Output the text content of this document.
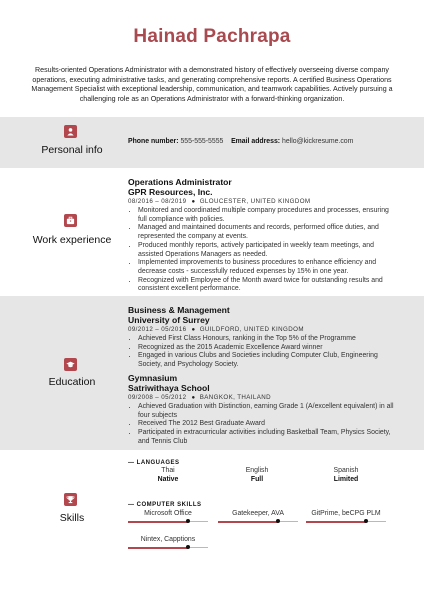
Hainad Pachrapa
Results-oriented Operations Administrator with a demonstrated history of effectively overseeing diverse company operations, executing administrative tasks, and generating comprehensive reports. A certified Business Operations Management Specialist with exceptional leadership, communication, and teamwork capabilities. Actively pursuing a challenging role as an Operations Administrator with a forward-thinking organization.
Personal info
Phone number: 555-555-5555 Email address: hello@kickresume.com
Work experience
Operations Administrator
GPR Resources, Inc.
08/2016 – 08/2019 ● GLOUCESTER, UNITED KINGDOM
• Monitored and coordinated multiple company procedures and processes, ensuring full compliance with policies.
• Managed and maintained documents and records, performed office duties, and represented the company at events.
• Produced monthly reports, actively participated in weekly team meetings, and assisted Operations Managers as needed.
• Implemented improvements to business procedures to enhance efficiency and decrease costs - successfully reduced expenses by 15% in one year.
• Recognized with Employee of the Month award twice for outstanding results and consistent excellent performance.
Education
Business & Management
University of Surrey
09/2012 – 05/2016 ● GUILDFORD, UNITED KINGDOM
• Achieved First Class Honours, ranking in the Top 5% of the Programme
• Recognized as the 2015 Academic Excellence Award winner
• Engaged in various Clubs and Societies including Computer Club, Engineering Society, and Psychology Society.
Gymnasium
Satriwithaya School
09/2008 – 05/2012 ● BANGKOK, THAILAND
• Achieved Graduation with Distinction, earning Grade 1 (A/excellent equivalent) in all four subjects
• Received The 2012 Best Graduate Award
• Participated in extracurricular activities including Basketball Team, Physics Society, and Tennis Club
Skills
— LANGUAGES
Thai
Native
English
Full
Spanish
Limited
— COMPUTER SKILLS
Microsoft Office	Gatekeeper, AVA	GitPrime, beCPG PLM
Nintex, Capptions
